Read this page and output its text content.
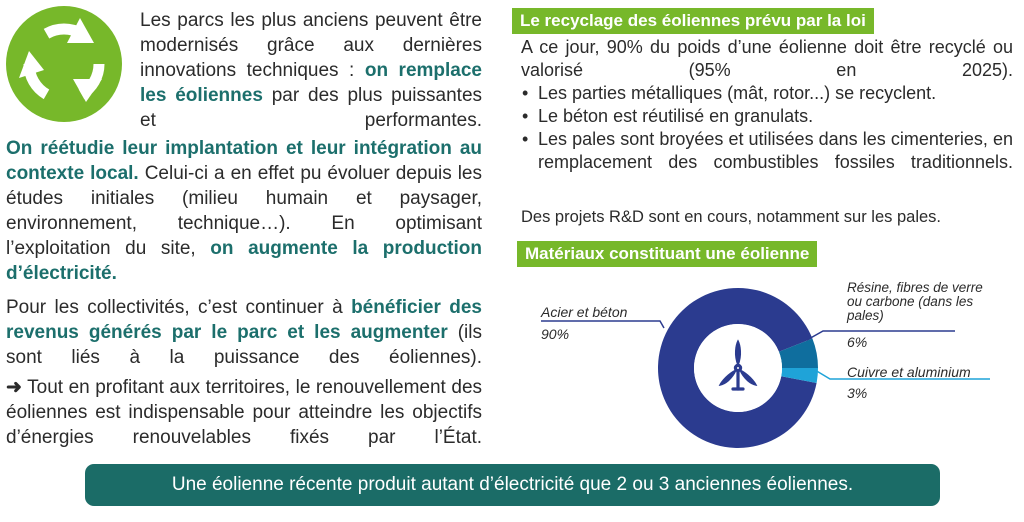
Les parcs les plus anciens peuvent être modernisés grâce aux dernières innovations techniques : on remplace les éoliennes par des plus puissantes et performantes.
On réétudie leur implantation et leur intégration au contexte local. Celui-ci a en effet pu évoluer depuis les études initiales (milieu humain et paysager, environnement, technique…). En optimisant l’exploitation du site, on augmente la production d’électricité.
Pour les collectivités, c’est continuer à bénéficier des revenus générés par le parc et les augmenter (ils sont liés à la puissance des éoliennes).
➜ Tout en profitant aux territoires, le renouvellement des éoliennes est indispensable pour atteindre les objectifs d’énergies renouvelables fixés par l’État.
Le recyclage des éoliennes prévu par la loi
A ce jour, 90% du poids d’une éolienne doit être recyclé ou valorisé (95% en 2025).
• Les parties métalliques (mât, rotor...) se recyclent.
• Le béton est réutilisé en granulats.
• Les pales sont broyées et utilisées dans les cimenteries, en remplacement des combustibles fossiles traditionnels.
Des projets R&D sont en cours, notamment sur les pales.
Matériaux constituant une éolienne
Acier et béton
90%
Résine, fibres de verre ou carbone (dans les pales)
6%
Cuivre et aluminium
3%
Une éolienne récente produit autant d’électricité que 2 ou 3 anciennes éoliennes.
